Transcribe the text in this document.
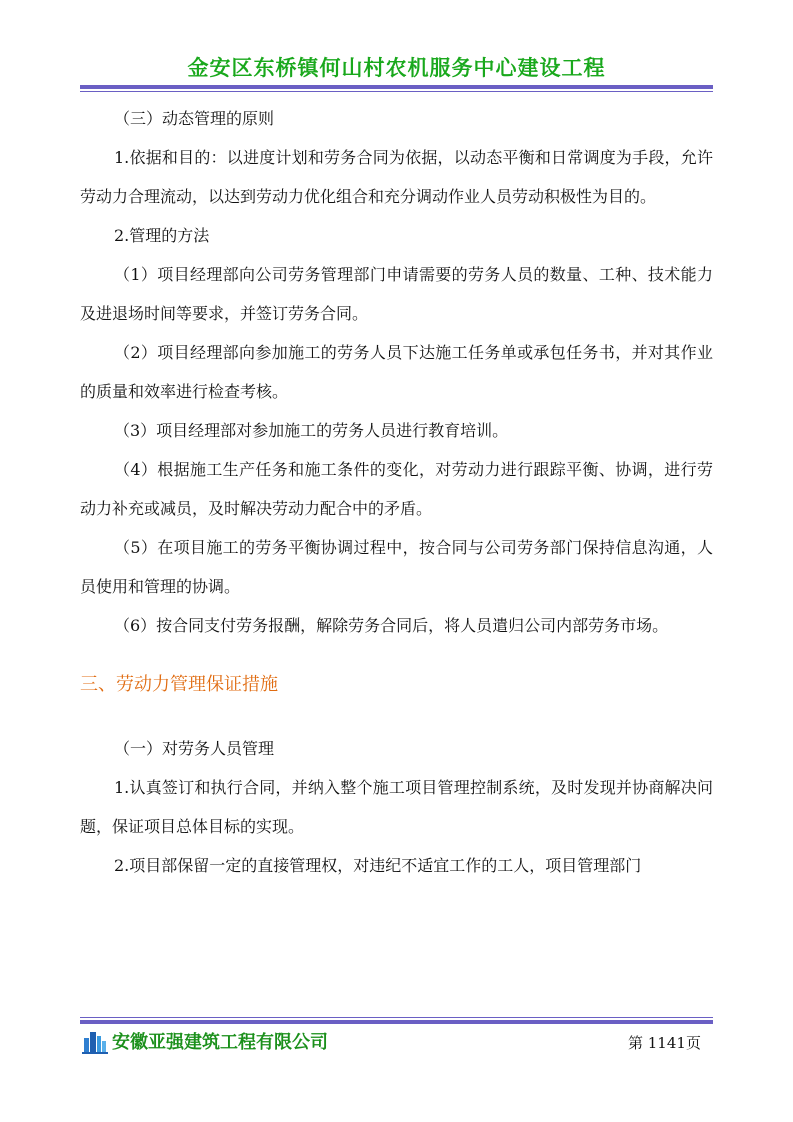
金安区东桥镇何山村农机服务中心建设工程

（三）动态管理的原则

1.依据和目的：以进度计划和劳务合同为依据，以动态平衡和日常调度为手段，允许劳动力合理流动，以达到劳动力优化组合和充分调动作业人员劳动积极性为目的。

2.管理的方法

（1）项目经理部向公司劳务管理部门申请需要的劳务人员的数量、工种、技术能力及进退场时间等要求，并签订劳务合同。

（2）项目经理部向参加施工的劳务人员下达施工任务单或承包任务书，并对其作业的质量和效率进行检查考核。

（3）项目经理部对参加施工的劳务人员进行教育培训。

（4）根据施工生产任务和施工条件的变化，对劳动力进行跟踪平衡、协调，进行劳动力补充或减员，及时解决劳动力配合中的矛盾。

（5）在项目施工的劳务平衡协调过程中，按合同与公司劳务部门保持信息沟通，人员使用和管理的协调。

（6）按合同支付劳务报酬，解除劳务合同后，将人员遣归公司内部劳务市场。

三、劳动力管理保证措施

（一）对劳务人员管理

1.认真签订和执行合同，并纳入整个施工项目管理控制系统，及时发现并协商解决问题，保证项目总体目标的实现。

2.项目部保留一定的直接管理权，对违纪不适宜工作的工人，项目管理部门

安徽亚强建筑工程有限公司	第 1141页
